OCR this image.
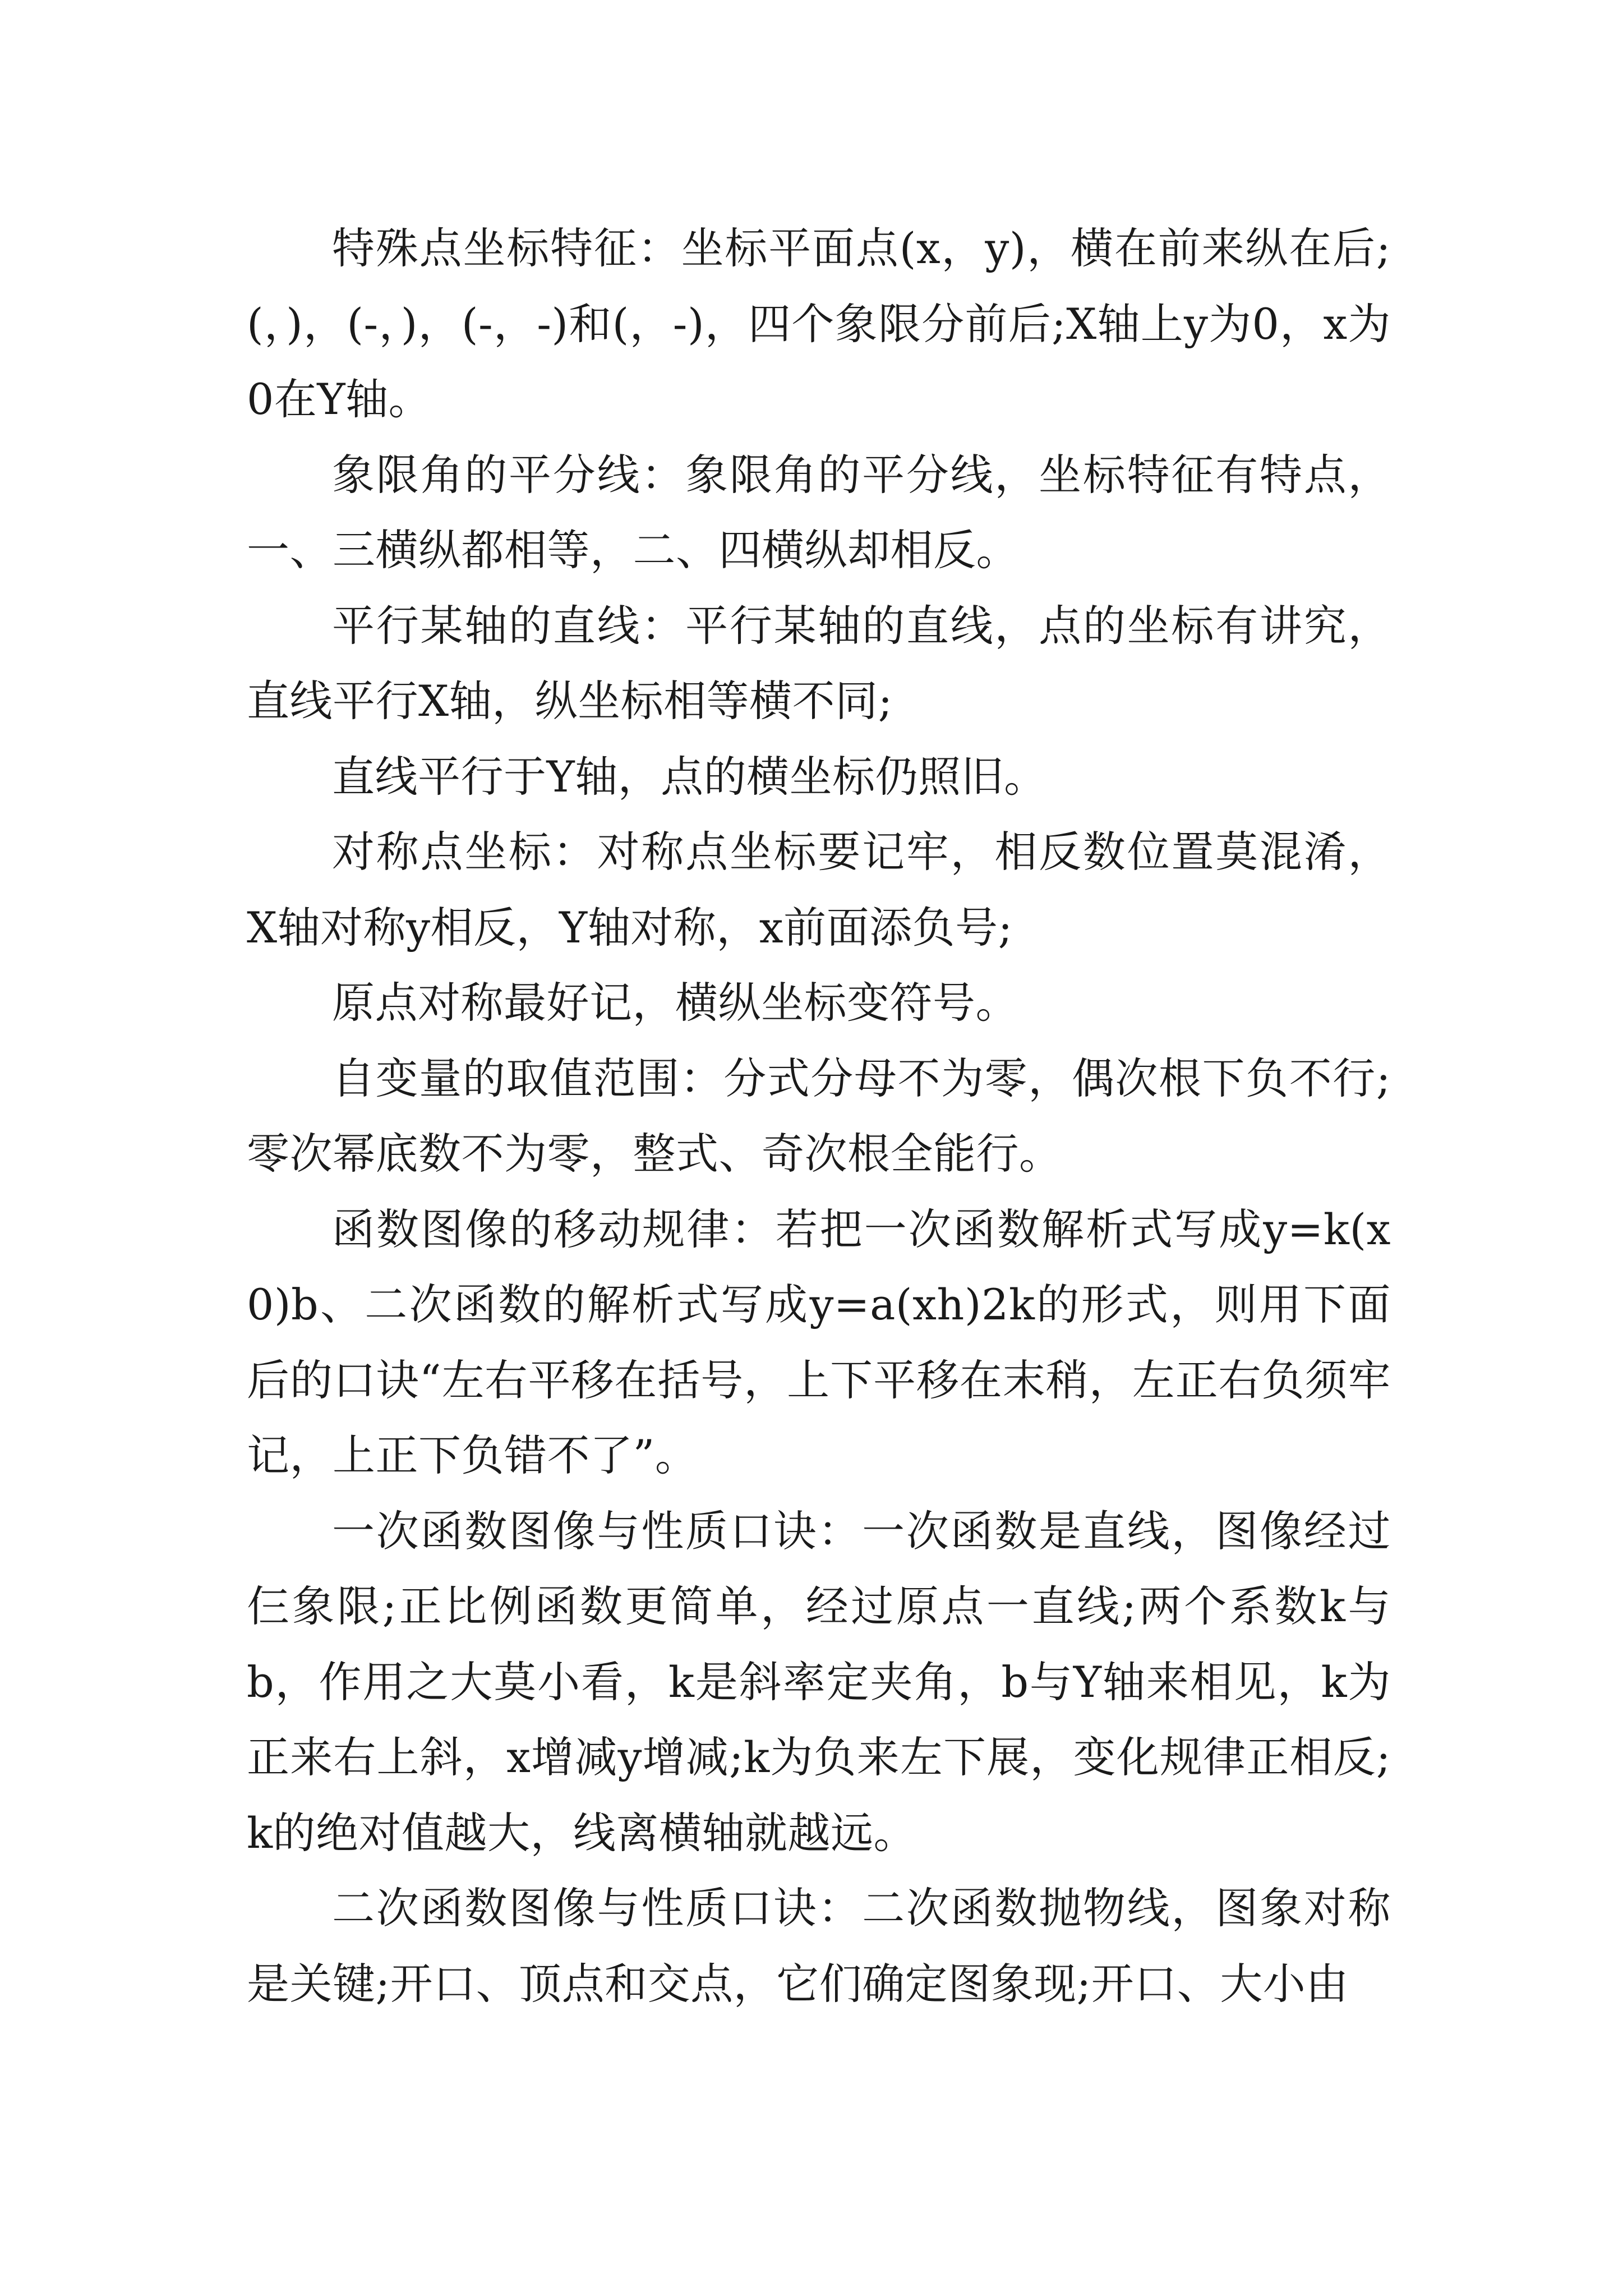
特殊点坐标特征：坐标平面点(x，y)，横在前来纵在后;(，)，(-，)，(-，-)和(，-)，四个象限分前后;X轴上y为0，x为0在Y轴。

象限角的平分线：象限角的平分线，坐标特征有特点，一、三横纵都相等，二、四横纵却相反。

平行某轴的直线：平行某轴的直线，点的坐标有讲究，直线平行X轴，纵坐标相等横不同;

直线平行于Y轴，点的横坐标仍照旧。

对称点坐标：对称点坐标要记牢，相反数位置莫混淆，X轴对称y相反，Y轴对称，x前面添负号;

原点对称最好记，横纵坐标变符号。

自变量的取值范围：分式分母不为零，偶次根下负不行;零次幂底数不为零，整式、奇次根全能行。

函数图像的移动规律：若把一次函数解析式写成y=k(x0)b、二次函数的解析式写成y=a(xh)2k的形式，则用下面后的口诀“左右平移在括号，上下平移在末稍，左正右负须牢记，上正下负错不了”。

一次函数图像与性质口诀：一次函数是直线，图像经过仨象限;正比例函数更简单，经过原点一直线;两个系数k与b，作用之大莫小看，k是斜率定夹角，b与Y轴来相见，k为正来右上斜，x增减y增减;k为负来左下展，变化规律正相反;k的绝对值越大，线离横轴就越远。

二次函数图像与性质口诀：二次函数抛物线，图象对称是关键;开口、顶点和交点，它们确定图象现;开口、大小由
